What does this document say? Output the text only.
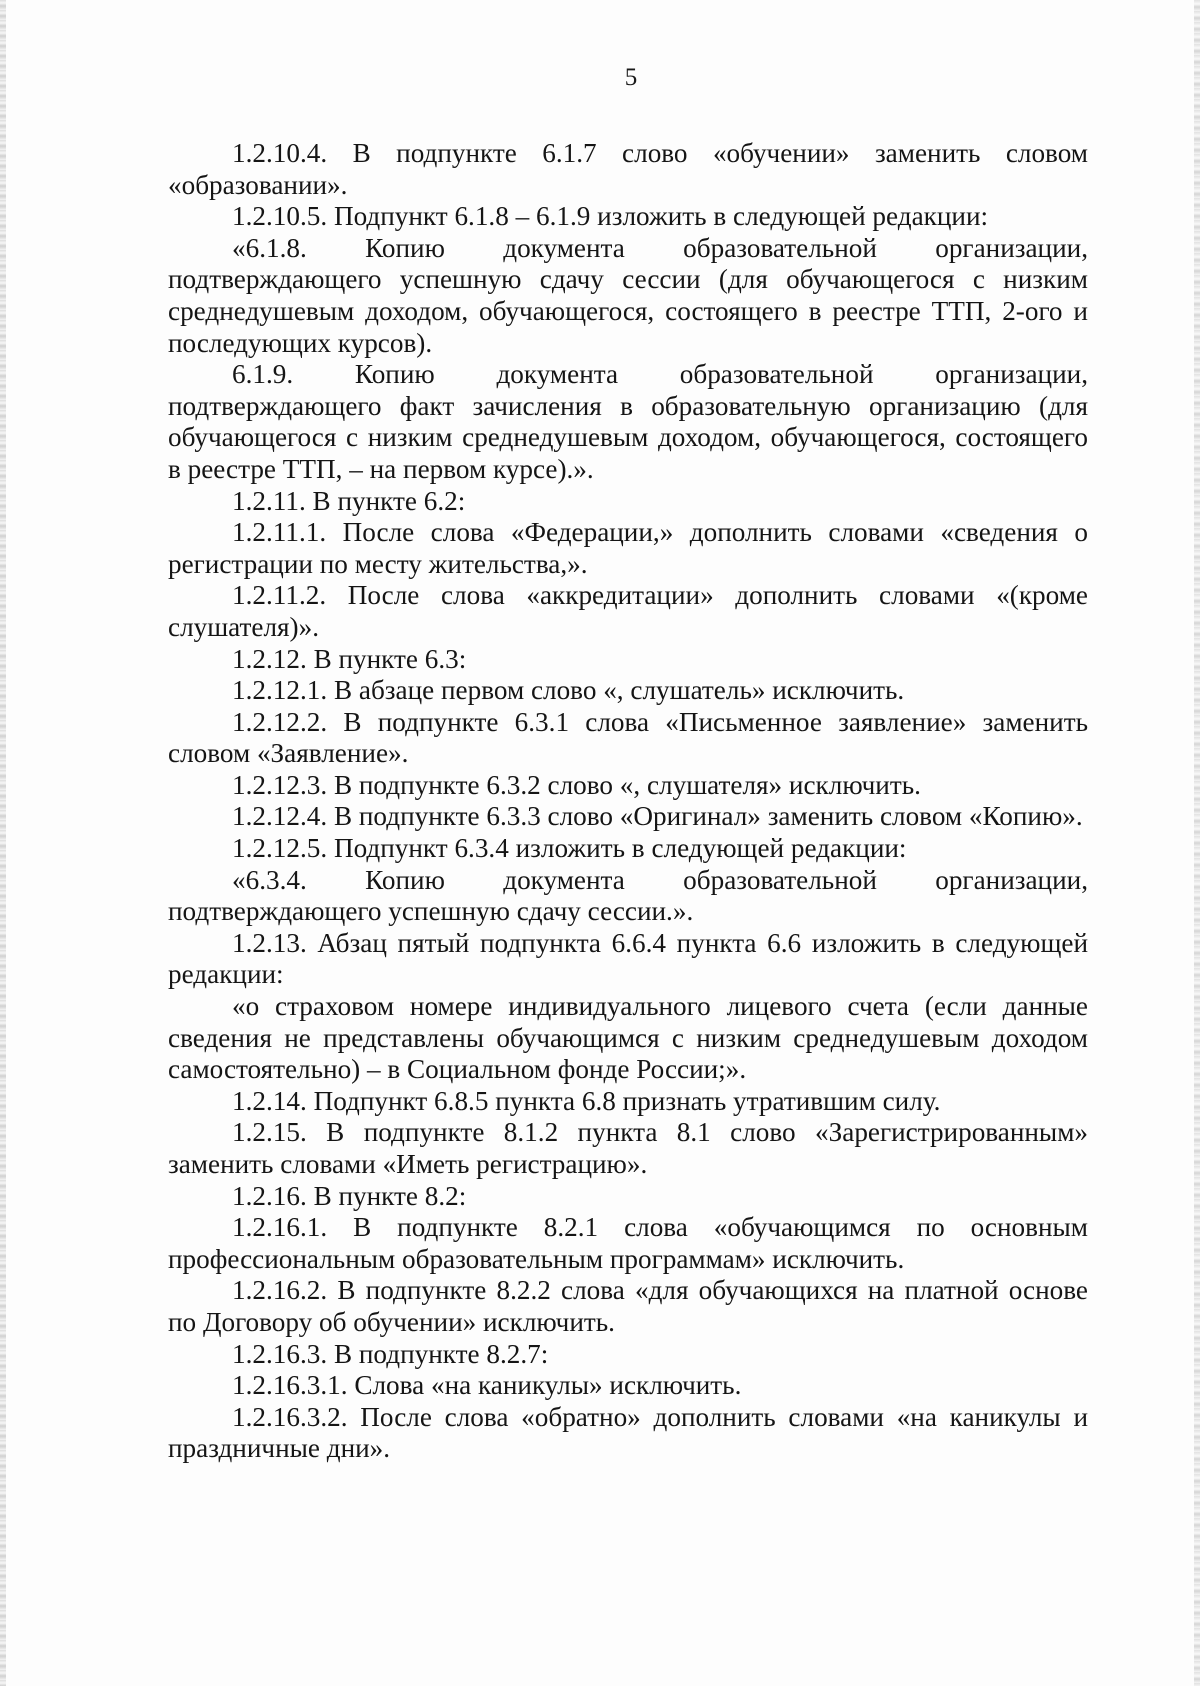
5

1.2.10.4. В подпункте 6.1.7 слово «обучении» заменить словом «образовании».

1.2.10.5. Подпункт 6.1.8 – 6.1.9 изложить в следующей редакции:

«6.1.8. Копию документа образовательной организации, подтверждающего успешную сдачу сессии (для обучающегося с низким среднедушевым доходом, обучающегося, состоящего в реестре ТТП, 2-ого и последующих курсов).

6.1.9. Копию документа образовательной организации, подтверждающего факт зачисления в образовательную организацию (для обучающегося с низким среднедушевым доходом, обучающегося, состоящего в реестре ТТП, – на первом курсе).».

1.2.11. В пункте 6.2:

1.2.11.1. После слова «Федерации,» дополнить словами «сведения о регистрации по месту жительства,».

1.2.11.2. После слова «аккредитации» дополнить словами «(кроме слушателя)».

1.2.12. В пункте 6.3:

1.2.12.1. В абзаце первом слово «, слушатель» исключить.

1.2.12.2. В подпункте 6.3.1 слова «Письменное заявление» заменить словом «Заявление».

1.2.12.3. В подпункте 6.3.2 слово «, слушателя» исключить.

1.2.12.4. В подпункте 6.3.3 слово «Оригинал» заменить словом «Копию».

1.2.12.5. Подпункт 6.3.4 изложить в следующей редакции:

«6.3.4. Копию документа образовательной организации, подтверждающего успешную сдачу сессии.».

1.2.13. Абзац пятый подпункта 6.6.4 пункта 6.6 изложить в следующей редакции:

«о страховом номере индивидуального лицевого счета (если данные сведения не представлены обучающимся с низким среднедушевым доходом самостоятельно) – в Социальном фонде России;».

1.2.14. Подпункт 6.8.5 пункта 6.8 признать утратившим силу.

1.2.15. В подпункте 8.1.2 пункта 8.1 слово «Зарегистрированным» заменить словами «Иметь регистрацию».

1.2.16. В пункте 8.2:

1.2.16.1. В подпункте 8.2.1 слова «обучающимся по основным профессиональным образовательным программам» исключить.

1.2.16.2. В подпункте 8.2.2 слова «для обучающихся на платной основе по Договору об обучении» исключить.

1.2.16.3. В подпункте 8.2.7:

1.2.16.3.1. Слова «на каникулы» исключить.

1.2.16.3.2. После слова «обратно» дополнить словами «на каникулы и праздничные дни».
